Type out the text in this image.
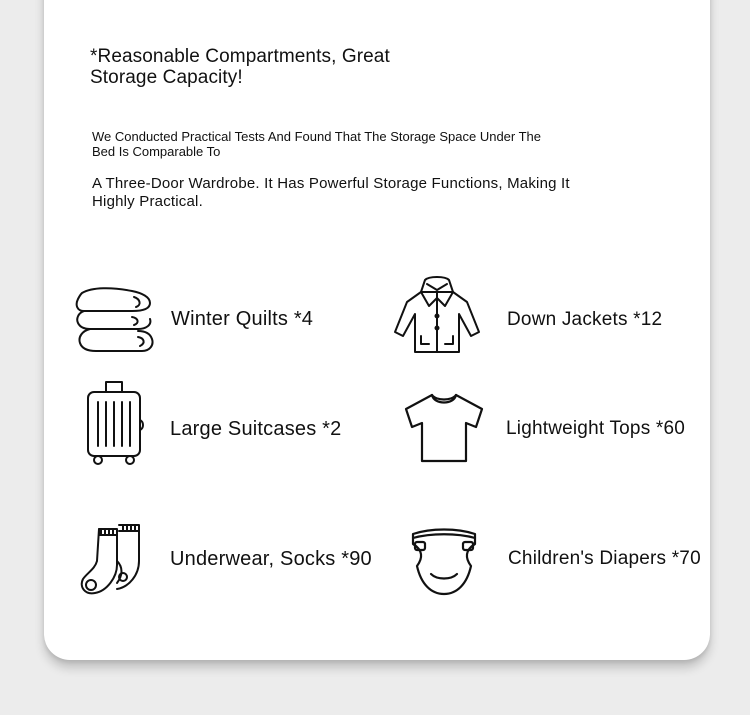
*Reasonable Compartments, Great
Storage Capacity!
We Conducted Practical Tests And Found That The Storage Space Under The
Bed Is Comparable To
A Three-Door Wardrobe. It Has Powerful Storage Functions, Making It
Highly Practical.
Winter Quilts *4	Down Jackets *12
Large Suitcases *2	Lightweight Tops *60
Underwear, Socks *90	Children's Diapers *70
